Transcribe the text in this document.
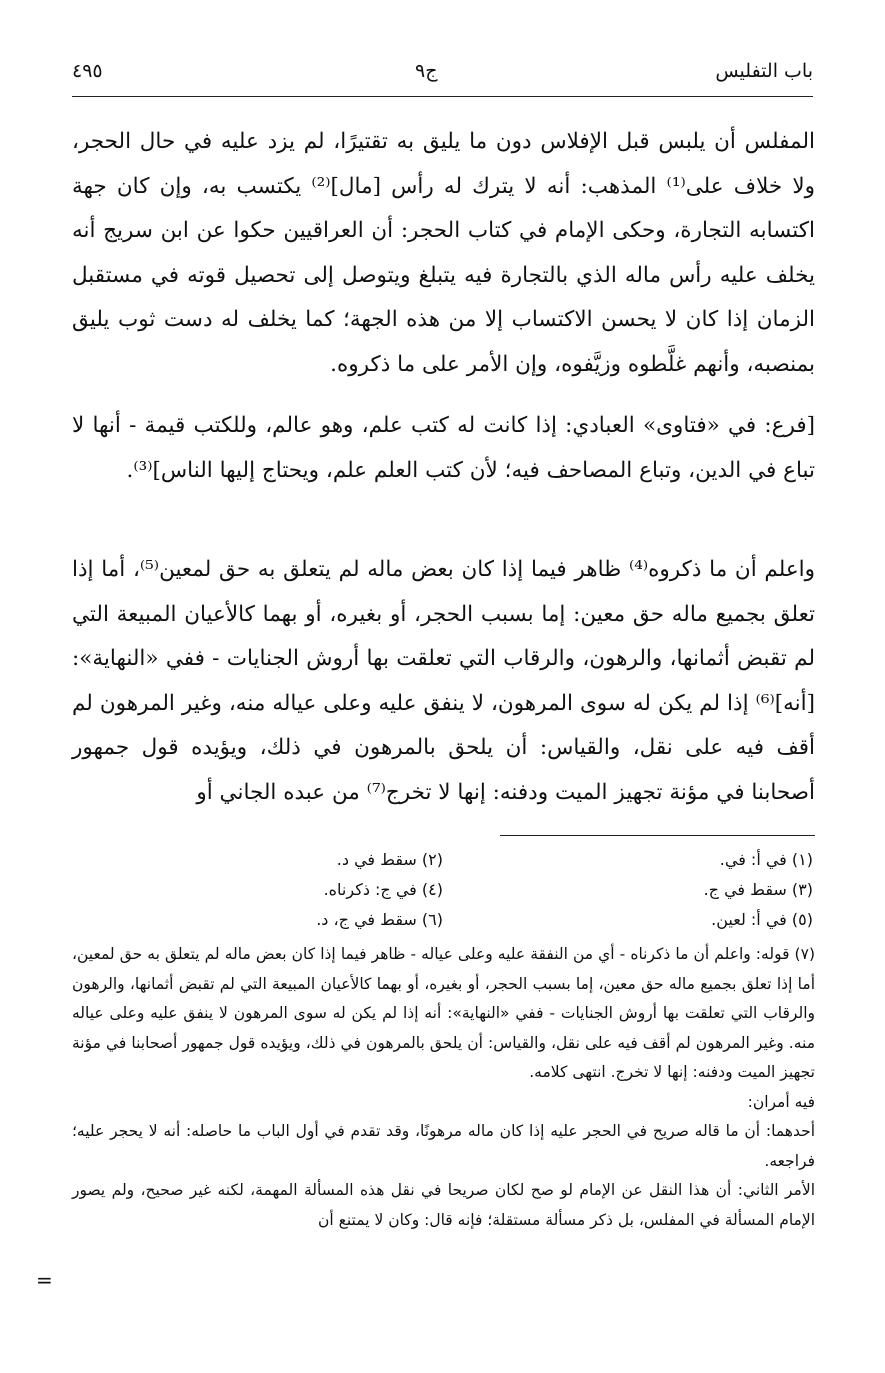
باب التفليس
ج٩
٤٩٥
المفلس أن يلبس قبل الإفلاس دون ما يليق به تقتيرًا، لم يزد عليه في حال الحجر، ولا خلاف على⁽¹⁾ المذهب: أنه لا يترك له رأس [مال]⁽²⁾ يكتسب به، وإن كان جهة اكتسابه التجارة، وحكى الإمام في كتاب الحجر: أن العراقيين حكوا عن ابن سريج أنه يخلف عليه رأس ماله الذي بالتجارة فيه يتبلغ ويتوصل إلى تحصيل قوته في مستقبل الزمان إذا كان لا يحسن الاكتساب إلا من هذه الجهة؛ كما يخلف له دست ثوب يليق بمنصبه، وأنهم غلَّطوه وزيَّفوه، وإن الأمر على ما ذكروه.
[فرع: في «فتاوى» العبادي: إذا كانت له كتب علم، وهو عالم، وللكتب قيمة - أنها لا تباع في الدين، وتباع المصاحف فيه؛ لأن كتب العلم علم، ويحتاج إليها الناس]⁽³⁾.
واعلم أن ما ذكروه⁽⁴⁾ ظاهر فيما إذا كان بعض ماله لم يتعلق به حق لمعين⁽⁵⁾، أما إذا تعلق بجميع ماله حق معين: إما بسبب الحجر، أو بغيره، أو بهما كالأعيان المبيعة التي لم تقبض أثمانها، والرهون، والرقاب التي تعلقت بها أروش الجنايات - ففي «النهاية»: [أنه]⁽⁶⁾ إذا لم يكن له سوى المرهون، لا ينفق عليه وعلى عياله منه، وغير المرهون لم أقف فيه على نقل، والقياس: أن يلحق بالمرهون في ذلك، ويؤيده قول جمهور أصحابنا في مؤنة تجهيز الميت ودفنه: إنها لا تخرج⁽⁷⁾ من عبده الجاني أو
(١) في أ: في.
(٢) سقط في د.
(٣) سقط في ج.
(٤) في ج: ذكرناه.
(٥) في أ: لعين.
(٦) سقط في ج، د.

(٧) قوله: واعلم أن ما ذكرناه - أي من النفقة عليه وعلى عياله - ظاهر فيما إذا كان بعض ماله لم يتعلق به حق لمعين، أما إذا تعلق بجميع ماله حق معين، إما بسبب الحجر، أو بغيره، أو بهما كالأعيان المبيعة التي لم تقبض أثمانها، والرهون والرقاب التي تعلقت بها أروش الجنايات - ففي «النهاية»: أنه إذا لم يكن له سوى المرهون لا ينفق عليه وعلى عياله منه. وغير المرهون لم أقف فيه على نقل، والقياس: أن يلحق بالمرهون في ذلك، ويؤيده قول جمهور أصحابنا في مؤنة تجهيز الميت ودفنه: إنها لا تخرج. انتهى كلامه.

فيه أمران:

أحدهما: أن ما قاله صريح في الحجر عليه إذا كان ماله مرهونًا، وقد تقدم في أول الباب ما حاصله: أنه لا يحجر عليه؛ فراجعه.

الأمر الثاني: أن هذا النقل عن الإمام لو صح لكان صريحا في نقل هذه المسألة المهمة، لكنه غير صحيح، ولم يصور الإمام المسألة في المفلس، بل ذكر مسألة مستقلة؛ فإنه قال: وكان لا يمتنع أن

=
